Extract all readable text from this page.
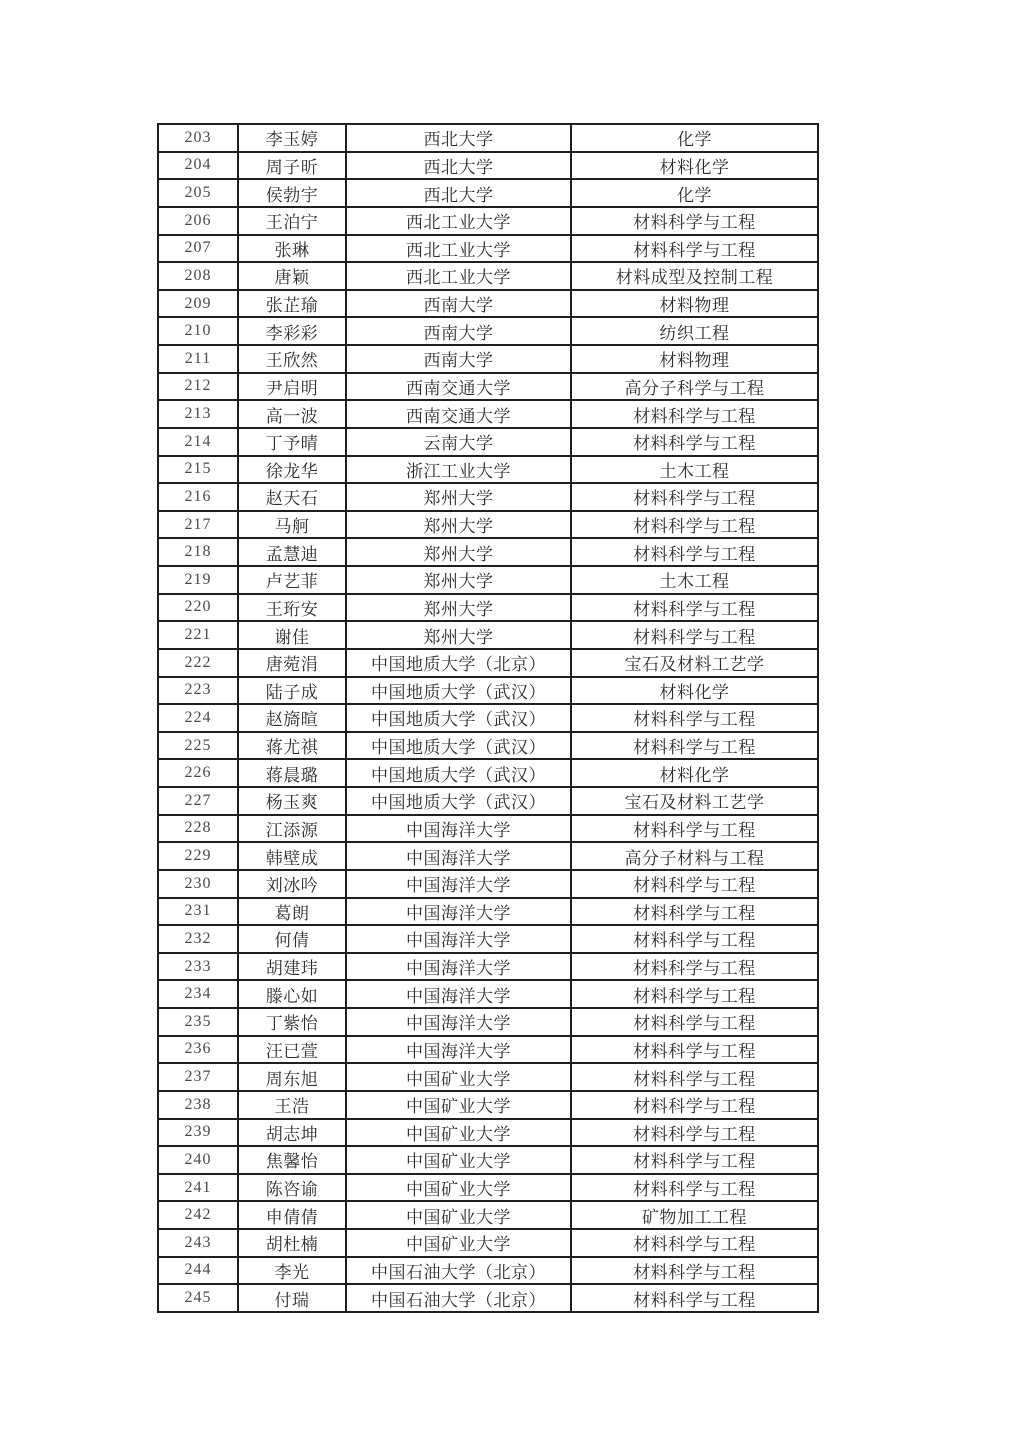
203	李玉婷	西北大学	化学
204	周子昕	西北大学	材料化学
205	侯勃宇	西北大学	化学
206	王泊宁	西北工业大学	材料科学与工程
207	张琳	西北工业大学	材料科学与工程
208	唐颖	西北工业大学	材料成型及控制工程
209	张芷瑜	西南大学	材料物理
210	李彩彩	西南大学	纺织工程
211	王欣然	西南大学	材料物理
212	尹启明	西南交通大学	高分子科学与工程
213	高一波	西南交通大学	材料科学与工程
214	丁予晴	云南大学	材料科学与工程
215	徐龙华	浙江工业大学	土木工程
216	赵天石	郑州大学	材料科学与工程
217	马舸	郑州大学	材料科学与工程
218	孟慧迪	郑州大学	材料科学与工程
219	卢艺菲	郑州大学	土木工程
220	王珩安	郑州大学	材料科学与工程
221	谢佳	郑州大学	材料科学与工程
222	唐菀涓	中国地质大学（北京）	宝石及材料工艺学
223	陆子成	中国地质大学（武汉）	材料化学
224	赵旖暄	中国地质大学（武汉）	材料科学与工程
225	蒋尤祺	中国地质大学（武汉）	材料科学与工程
226	蒋晨璐	中国地质大学（武汉）	材料化学
227	杨玉爽	中国地质大学（武汉）	宝石及材料工艺学
228	江添源	中国海洋大学	材料科学与工程
229	韩壁成	中国海洋大学	高分子材料与工程
230	刘冰吟	中国海洋大学	材料科学与工程
231	葛朗	中国海洋大学	材料科学与工程
232	何倩	中国海洋大学	材料科学与工程
233	胡建玮	中国海洋大学	材料科学与工程
234	滕心如	中国海洋大学	材料科学与工程
235	丁紫怡	中国海洋大学	材料科学与工程
236	汪已萱	中国海洋大学	材料科学与工程
237	周东旭	中国矿业大学	材料科学与工程
238	王浩	中国矿业大学	材料科学与工程
239	胡志坤	中国矿业大学	材料科学与工程
240	焦馨怡	中国矿业大学	材料科学与工程
241	陈咨谕	中国矿业大学	材料科学与工程
242	申倩倩	中国矿业大学	矿物加工工程
243	胡杜楠	中国矿业大学	材料科学与工程
244	李光	中国石油大学（北京）	材料科学与工程
245	付瑞	中国石油大学（北京）	材料科学与工程
